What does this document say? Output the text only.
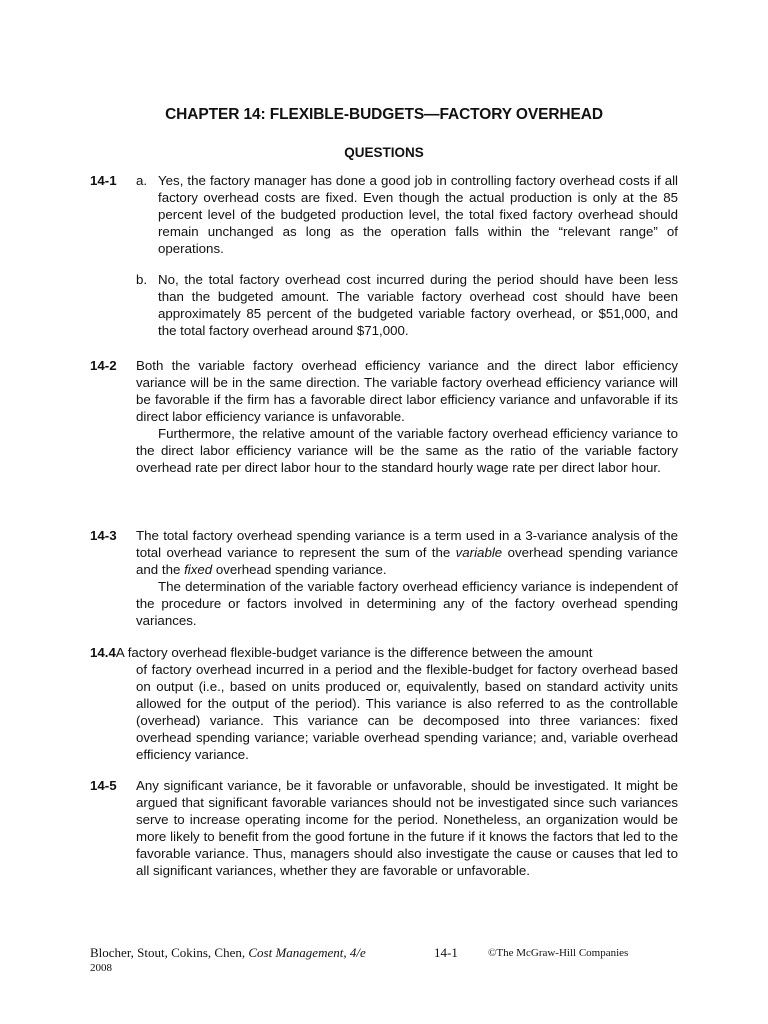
CHAPTER 14: FLEXIBLE-BUDGETS—FACTORY OVERHEAD
QUESTIONS
14-1 a. Yes, the factory manager has done a good job in controlling factory overhead costs if all factory overhead costs are fixed. Even though the actual production is only at the 85 percent level of the budgeted production level, the total fixed factory overhead should remain unchanged as long as the operation falls within the “relevant range” of operations.

b. No, the total factory overhead cost incurred during the period should have been less than the budgeted amount. The variable factory overhead cost should have been approximately 85 percent of the budgeted variable factory overhead, or $51,000, and the total factory overhead around $71,000.

14-2 Both the variable factory overhead efficiency variance and the direct labor efficiency variance will be in the same direction. The variable factory overhead efficiency variance will be favorable if the firm has a favorable direct labor efficiency variance and unfavorable if its direct labor efficiency variance is unfavorable.

Furthermore, the relative amount of the variable factory overhead efficiency variance to the direct labor efficiency variance will be the same as the ratio of the variable factory overhead rate per direct labor hour to the standard hourly wage rate per direct labor hour.

14-3 The total factory overhead spending variance is a term used in a 3-variance analysis of the total overhead variance to represent the sum of the variable overhead spending variance and the fixed overhead spending variance.

The determination of the variable factory overhead efficiency variance is independent of the procedure or factors involved in determining any of the factory overhead spending variances.

14.4A factory overhead flexible-budget variance is the difference between the amount
of factory overhead incurred in a period and the flexible-budget for factory overhead based on output (i.e., based on units produced or, equivalently, based on standard activity units allowed for the output of the period). This variance is also referred to as the controllable (overhead) variance. This variance can be decomposed into three variances: fixed overhead spending variance; variable overhead spending variance; and, variable overhead efficiency variance.
14-5 Any significant variance, be it favorable or unfavorable, should be investigated. It might be argued that significant favorable variances should not be investigated since such variances serve to increase operating income for the period. Nonetheless, an organization would be more likely to benefit from the good fortune in the future if it knows the factors that led to the favorable variance. Thus, managers should also investigate the cause or causes that led to all significant variances, whether they are favorable or unfavorable.
Blocher, Stout, Cokins, Chen, Cost Management, 4/e	14-1	©The McGraw-Hill Companies
2008
